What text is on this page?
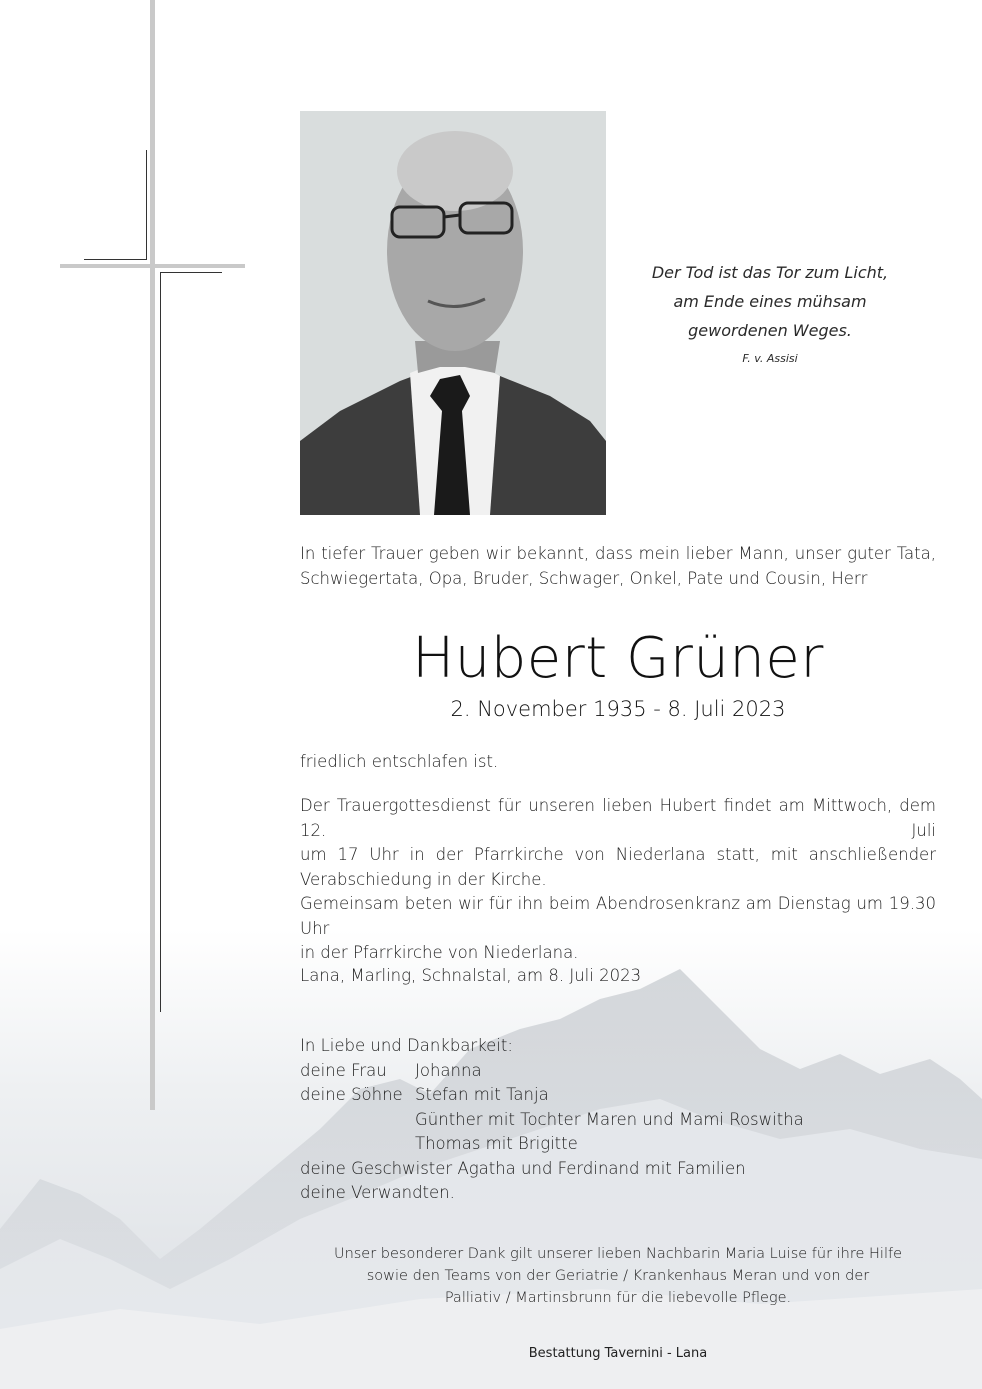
Der Tod ist das Tor zum Licht,
am Ende eines mühsam
gewordenen Weges.
F. v. Assisi
In tiefer Trauer geben wir bekannt, dass mein lieber Mann, unser guter Tata,
Schwiegertata, Opa, Bruder, Schwager, Onkel, Pate und Cousin, Herr
Hubert Grüner
2. November 1935 - 8. Juli 2023
friedlich entschlafen ist.
Der Trauergottesdienst für unseren lieben Hubert findet am Mittwoch, dem 12. Juli
um 17 Uhr in der Pfarrkirche von Niederlana statt, mit anschließender
Verabschiedung in der Kirche.
Gemeinsam beten wir für ihn beim Abendrosenkranz am Dienstag um 19.30 Uhr
in der Pfarrkirche von Niederlana.
Lana, Marling, Schnalstal, am 8. Juli 2023
In Liebe und Dankbarkeit:
deine Frau	Johanna
deine Söhne Stefan mit Tanja
Günther mit Tochter Maren und Mami Roswitha
Thomas mit Brigitte
deine Geschwister Agatha und Ferdinand mit Familien
deine Verwandten.
Unser besonderer Dank gilt unserer lieben Nachbarin Maria Luise für ihre Hilfe
sowie den Teams von der Geriatrie / Krankenhaus Meran und von der
Palliativ / Martinsbrunn für die liebevolle Pflege.
Bestattung Tavernini - Lana
